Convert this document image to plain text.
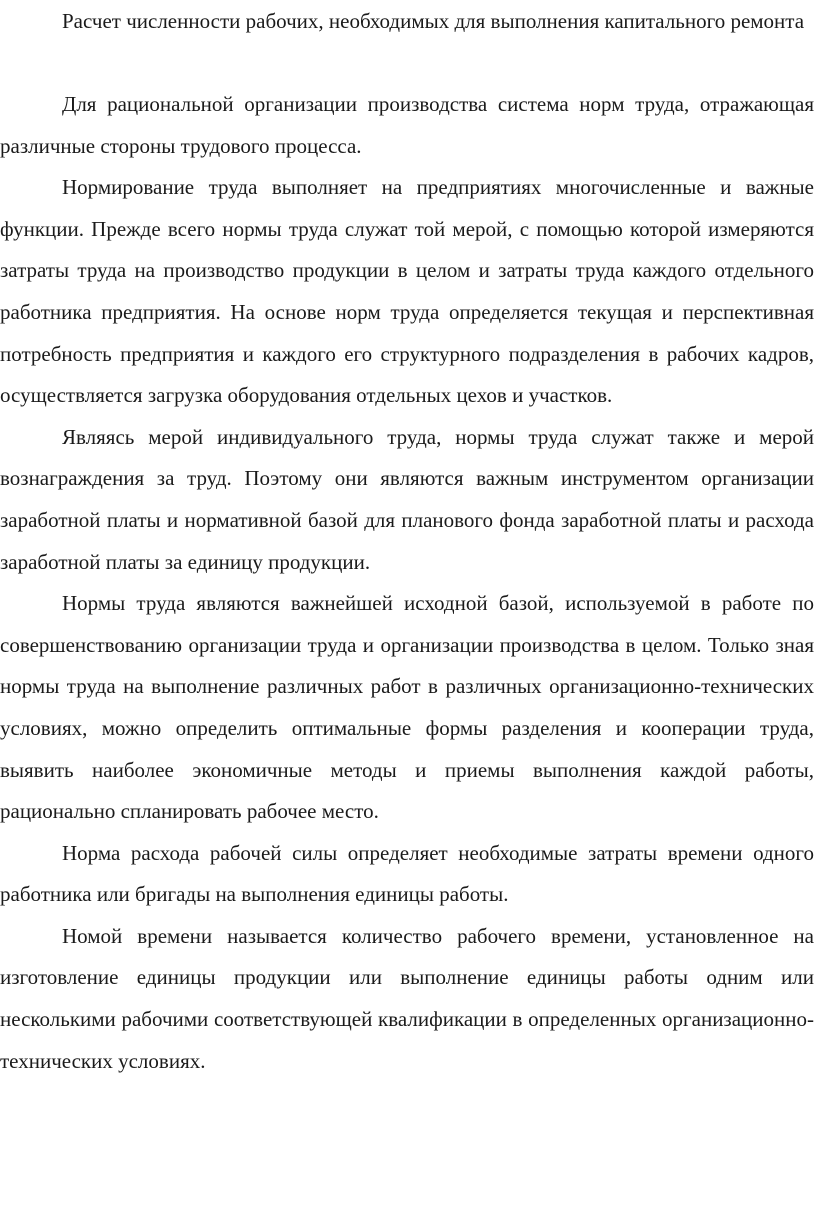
Расчет численности рабочих, необходимых для выполнения капитального ремонта

Для рациональной организации производства система норм труда, отражающая различные стороны трудового процесса.

Нормирование труда выполняет на предприятиях многочисленные и важные функции. Прежде всего нормы труда служат той мерой, с помощью которой измеряются затраты труда на производство продукции в целом и затраты труда каждого отдельного работника предприятия. На основе норм труда определяется текущая и перспективная потребность предприятия и каждого его структурного подразделения в рабочих кадров, осуществляется загрузка оборудования отдельных цехов и участков.

Являясь мерой индивидуального труда, нормы труда служат также и мерой вознаграждения за труд. Поэтому они являются важным инструментом организации заработной платы и нормативной базой для планового фонда заработной платы и расхода заработной платы за единицу продукции.

Нормы труда являются важнейшей исходной базой, используемой в работе по совершенствованию организации труда и организации производства в целом. Только зная нормы труда на выполнение различных работ в различных организационно-технических условиях, можно определить оптимальные формы разделения и кооперации труда, выявить наиболее экономичные методы и приемы выполнения каждой работы, рационально спланировать рабочее место.

Норма расхода рабочей силы определяет необходимые затраты времени одного работника или бригады на выполнения единицы работы.

Номой времени называется количество рабочего времени, установленное на изготовление единицы продукции или выполнение единицы работы одним или несколькими рабочими соответствующей квалификации в определенных организационно-технических условиях.
